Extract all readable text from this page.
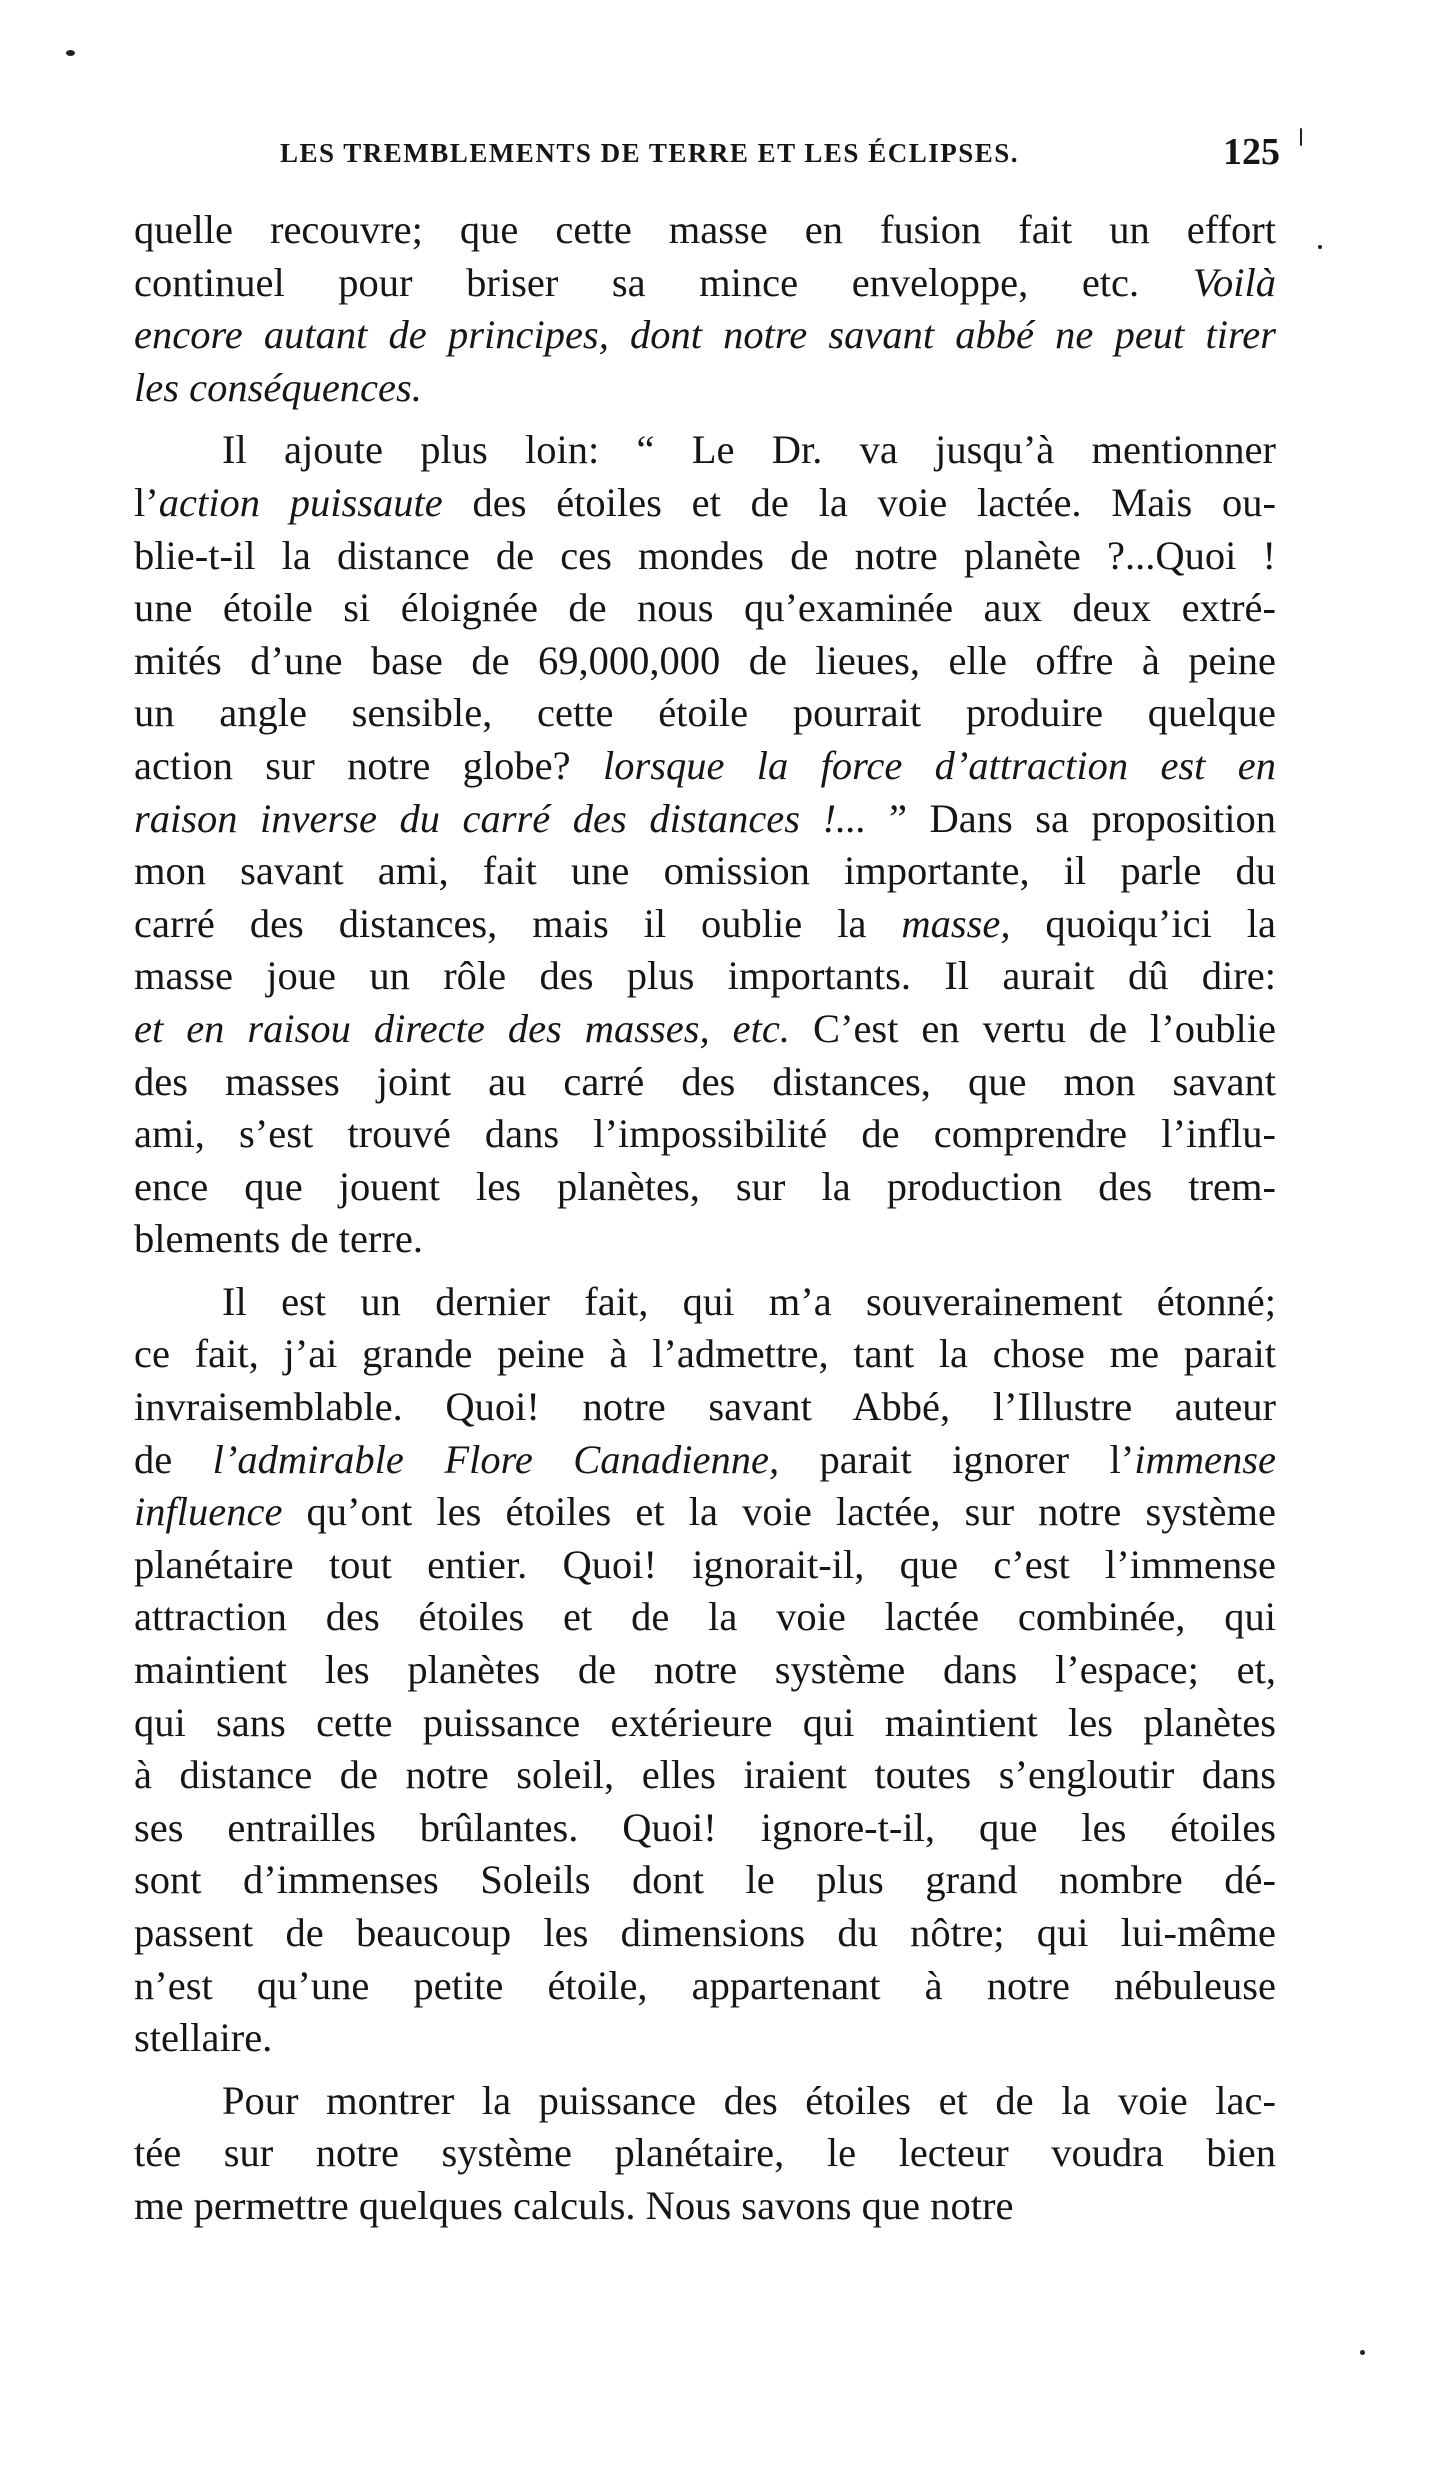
LES TREMBLEMENTS DE TERRE ET LES ÉCLIPSES.	125
quelle recouvre; que cette masse en fusion fait un effort
continuel pour briser sa mince enveloppe, etc. Voilà
encore autant de principes, dont notre savant abbé ne peut tirer
les conséquences.
Il ajoute plus loin: “ Le Dr. va jusqu’à mentionner
l’action puissaute des étoiles et de la voie lactée. Mais ou-
blie-t-il la distance de ces mondes de notre planète ?...Quoi !
une étoile si éloignée de nous qu’examinée aux deux extré-
mités d’une base de 69,000,000 de lieues, elle offre à peine
un angle sensible, cette étoile pourrait produire quelque
action sur notre globe? lorsque la force d’attraction est en
raison inverse du carré des distances !... ” Dans sa proposition
mon savant ami, fait une omission importante, il parle du
carré des distances, mais il oublie la masse, quoiqu’ici la
masse joue un rôle des plus importants. Il aurait dû dire:
et en raisou directe des masses, etc. C’est en vertu de l’oublie
des masses joint au carré des distances, que mon savant
ami, s’est trouvé dans l’impossibilité de comprendre l’influ-
ence que jouent les planètes, sur la production des trem-
blements de terre.
Il est un dernier fait, qui m’a souverainement étonné;
ce fait, j’ai grande peine à l’admettre, tant la chose me parait
invraisemblable. Quoi! notre savant Abbé, l’Illustre auteur
de l’admirable Flore Canadienne, parait ignorer l’immense
influence qu’ont les étoiles et la voie lactée, sur notre système
planétaire tout entier. Quoi! ignorait-il, que c’est l’immense
attraction des étoiles et de la voie lactée combinée, qui
maintient les planètes de notre système dans l’espace; et,
qui sans cette puissance extérieure qui maintient les planètes
à distance de notre soleil, elles iraient toutes s’engloutir dans
ses entrailles brûlantes. Quoi! ignore-t-il, que les étoiles
sont d’immenses Soleils dont le plus grand nombre dé-
passent de beaucoup les dimensions du nôtre; qui lui-même
n’est qu’une petite étoile, appartenant à notre nébuleuse
stellaire.
Pour montrer la puissance des étoiles et de la voie lac-
tée sur notre système planétaire, le lecteur voudra bien
me permettre quelques calculs. Nous savons que notre
